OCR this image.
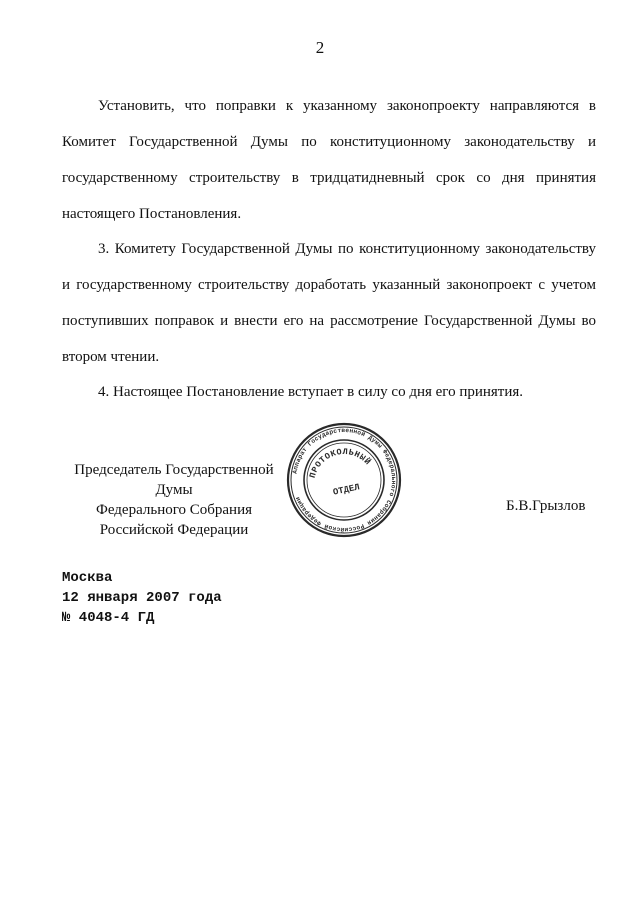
2

Установить, что поправки к указанному законопроекту направляются в Комитет Государственной Думы по конституционному законодательству и государственному строительству в тридцатидневный срок со дня принятия настоящего Постановления.

3. Комитету Государственной Думы по конституционному законодательству и государственному строительству доработать указанный законопроект с учетом поступивших поправок и внести его на рассмотрение Государственной Думы во втором чтении.

4. Настоящее Постановление вступает в силу со дня его принятия.

Председатель Государственной Думы
Федерального Собрания
Российской Федерации
Б.В.Грызлов
Аппарат Государственной Думы Федерального Собрания Российской Федерации
ПРОТОКОЛЬНЫЙ
ОТДЕЛ
Москва
12 января 2007 года
№ 4048-4 ГД
